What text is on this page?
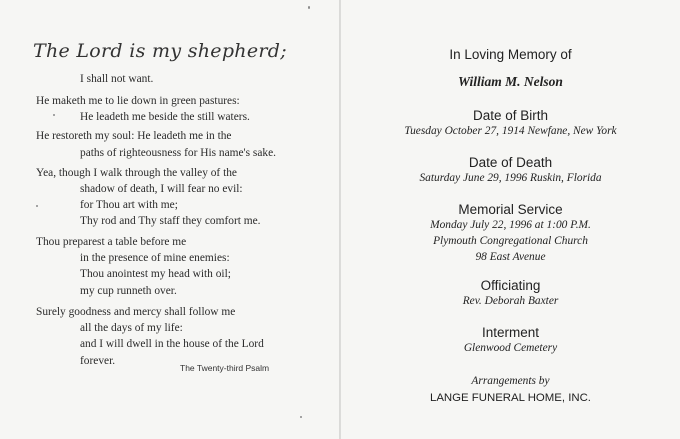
The Lord is my shepherd;
I shall not want.
He maketh me to lie down in green pastures:
He leadeth me beside the still waters.
He restoreth my soul: He leadeth me in the
paths of righteousness for His name's sake.
Yea, though I walk through the valley of the
shadow of death, I will fear no evil:
for Thou art with me;
Thy rod and Thy staff they comfort me.
Thou preparest a table before me
in the presence of mine enemies:
Thou anointest my head with oil;
my cup runneth over.
Surely goodness and mercy shall follow me
all the days of my life:
and I will dwell in the house of the Lord
forever.
The Twenty-third Psalm
In Loving Memory of
William M. Nelson
Date of Birth
Tuesday October 27, 1914 Newfane, New York
Date of Death
Saturday June 29, 1996 Ruskin, Florida
Memorial Service
Monday July 22, 1996 at 1:00 P.M.
Plymouth Congregational Church
98 East Avenue
Officiating
Rev. Deborah Baxter
Interment
Glenwood Cemetery
Arrangements by
LANGE FUNERAL HOME, INC.
